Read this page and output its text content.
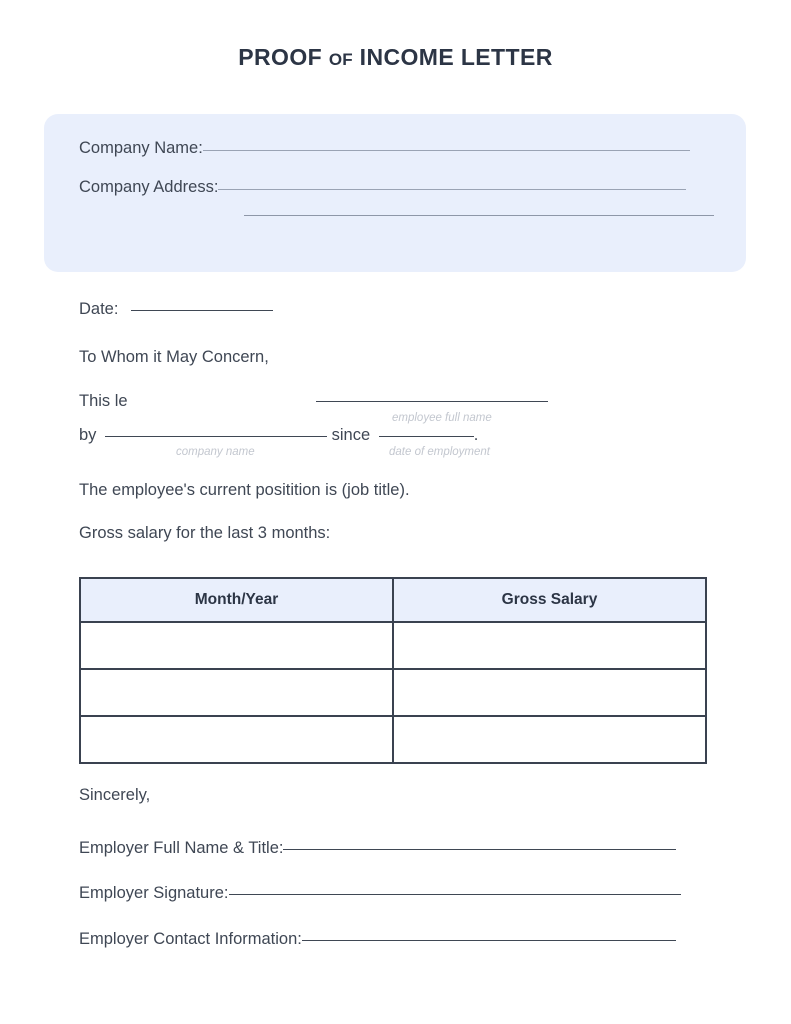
PROOF OF INCOME LETTER
Company Name:
Company Address:
Date:
To Whom it May Concern,
This le
employee full name
by	since	.
company name	date of employment
The employee's current positition is (job title).
Gross salary for the last 3 months:
Month/Year	Gross Salary

Sincerely,
Employer Full Name & Title:
Employer Signature:
Employer Contact Information:
